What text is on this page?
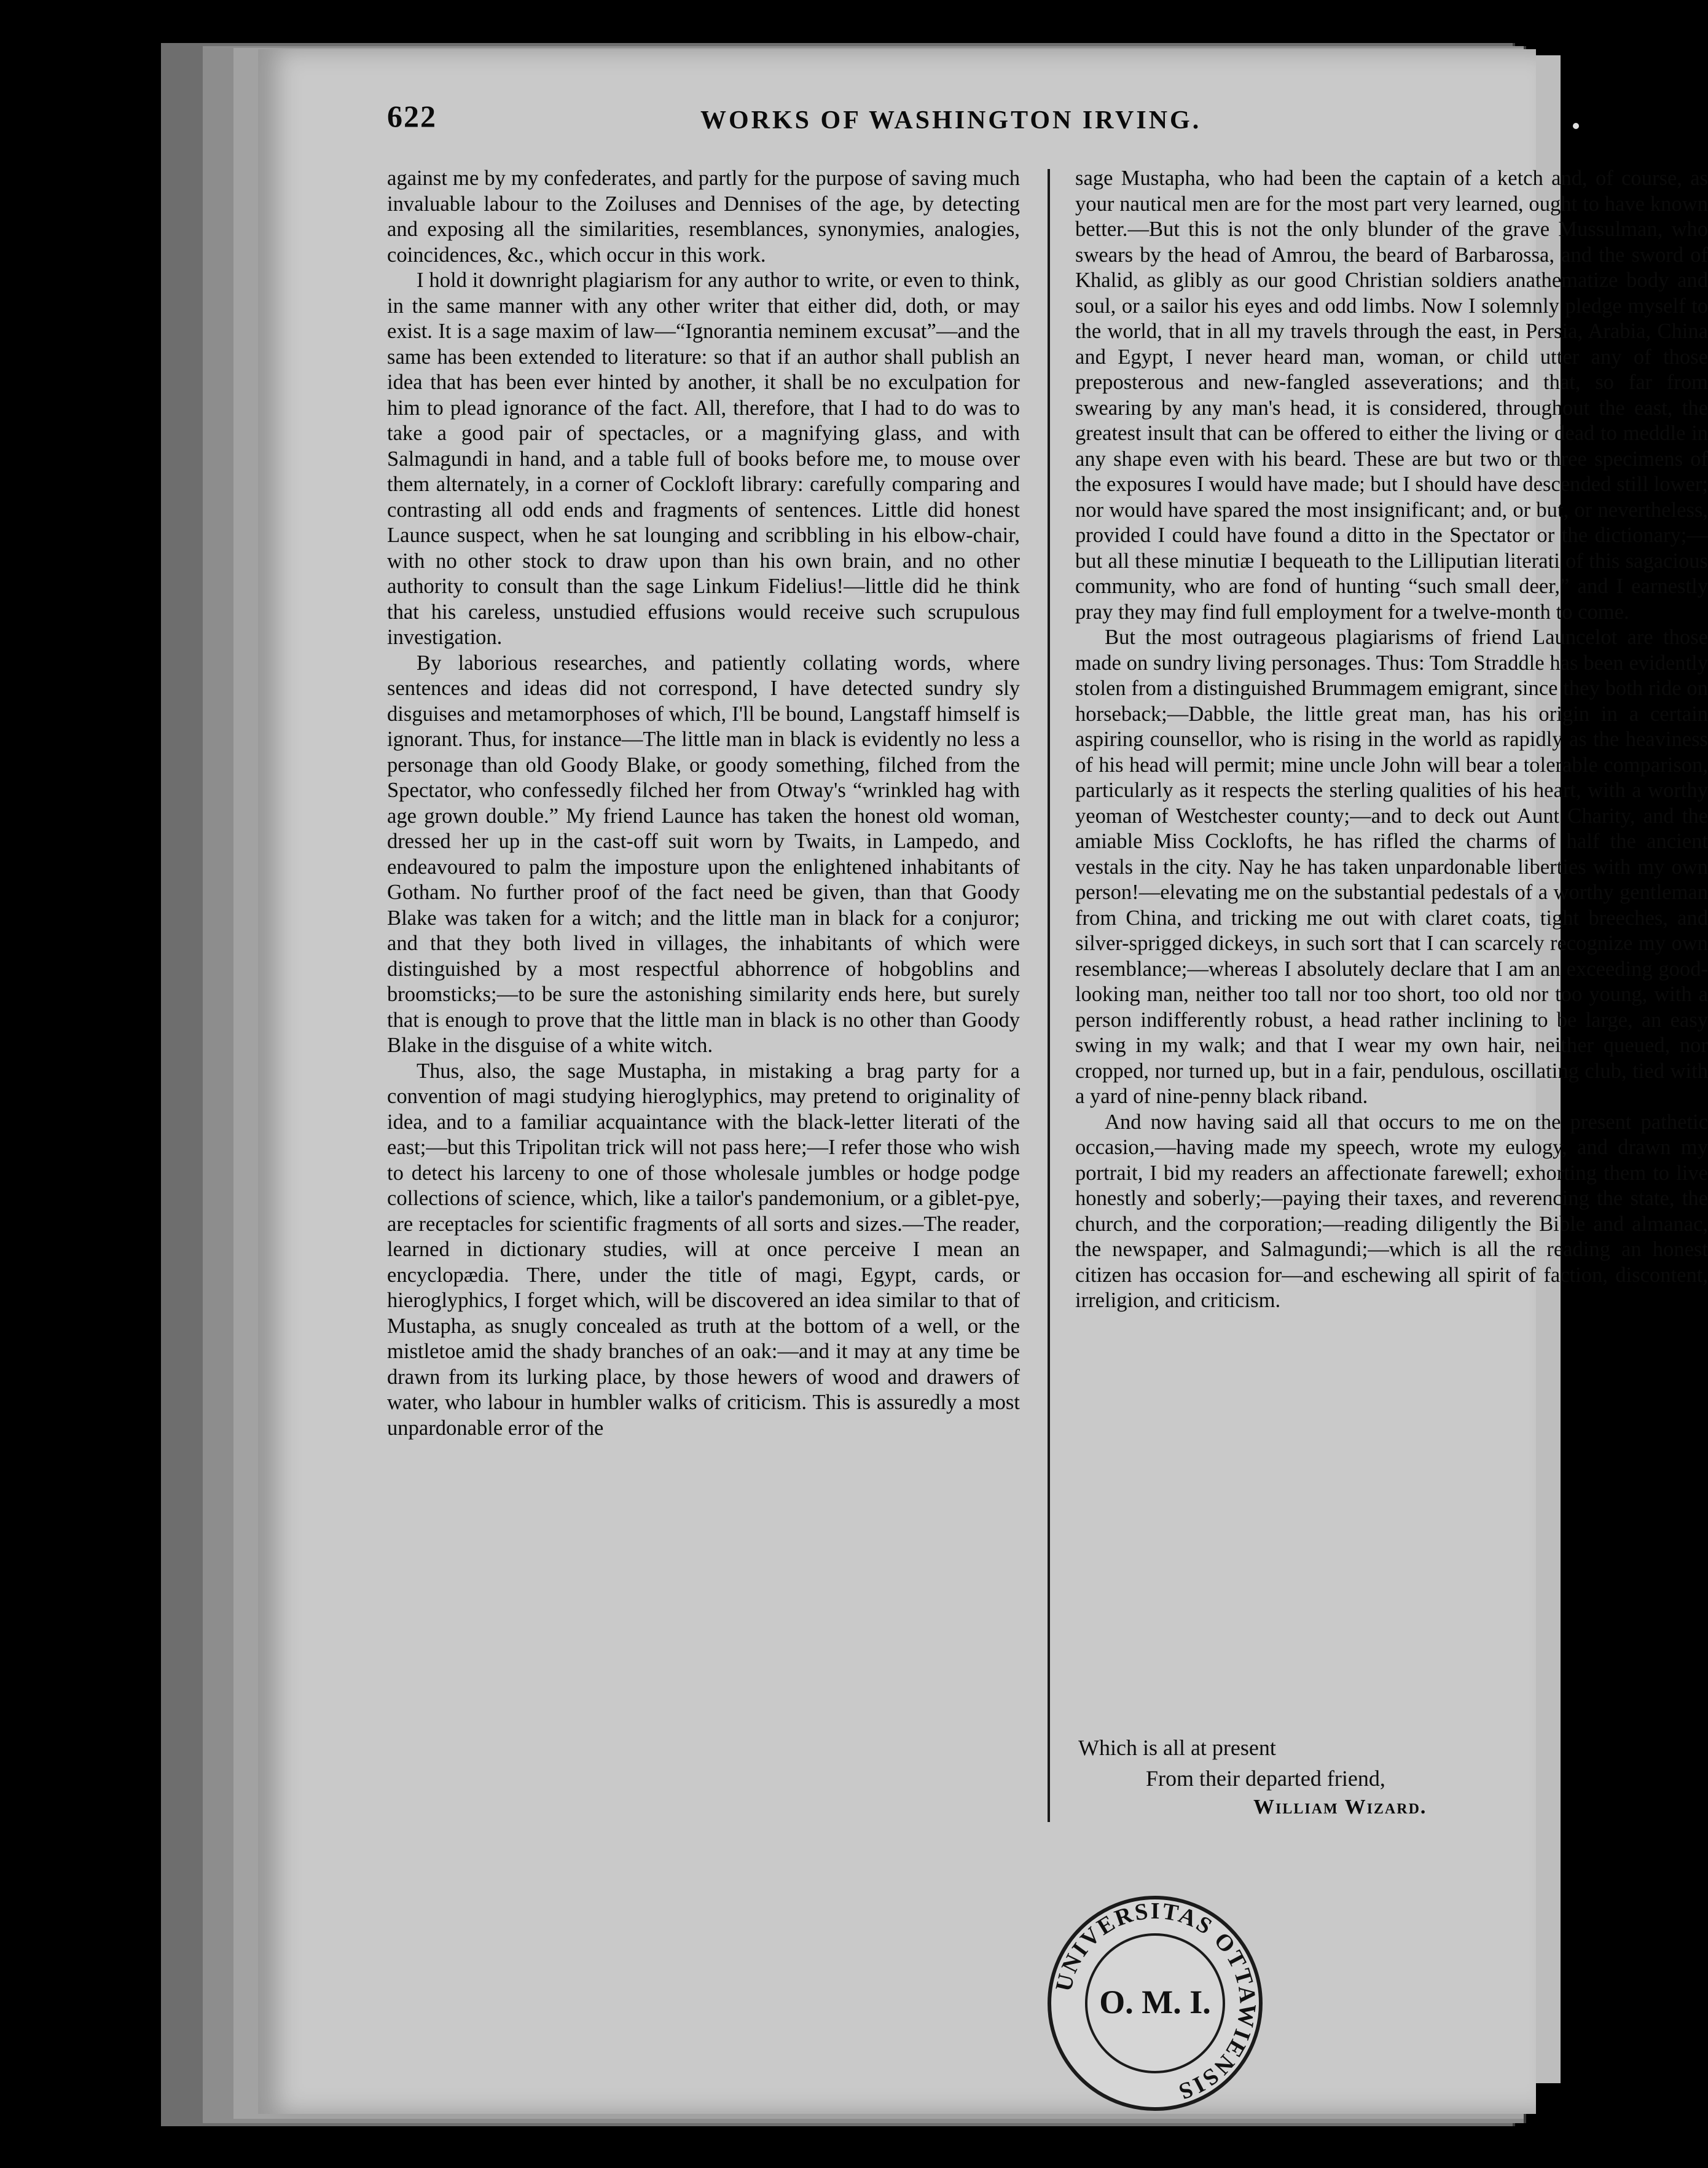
622	WORKS OF WASHINGTON IRVING.

against me by my confederates, and partly for the purpose of saving much invaluable labour to the Zoiluses and Dennises of the age, by detecting and exposing all the similarities, resemblances, synonymies, analogies, coincidences, &c., which occur in this work.

I hold it downright plagiarism for any author to write, or even to think, in the same manner with any other writer that either did, doth, or may exist. It is a sage maxim of law—“Ignorantia neminem excusat”—and the same has been extended to literature: so that if an author shall publish an idea that has been ever hinted by another, it shall be no exculpation for him to plead ignorance of the fact. All, therefore, that I had to do was to take a good pair of spectacles, or a magnifying glass, and with Salmagundi in hand, and a table full of books before me, to mouse over them alternately, in a corner of Cockloft library: carefully comparing and contrasting all odd ends and fragments of sentences. Little did honest Launce suspect, when he sat lounging and scribbling in his elbow-chair, with no other stock to draw upon than his own brain, and no other authority to consult than the sage Linkum Fidelius!—little did he think that his careless, unstudied effusions would receive such scrupulous investigation.

By laborious researches, and patiently collating words, where sentences and ideas did not correspond, I have detected sundry sly disguises and metamorphoses of which, I'll be bound, Langstaff himself is ignorant. Thus, for instance—The little man in black is evidently no less a personage than old Goody Blake, or goody something, filched from the Spectator, who confessedly filched her from Otway's “wrinkled hag with age grown double.” My friend Launce has taken the honest old woman, dressed her up in the cast-off suit worn by Twaits, in Lampedo, and endeavoured to palm the imposture upon the enlightened inhabitants of Gotham. No further proof of the fact need be given, than that Goody Blake was taken for a witch; and the little man in black for a conjuror; and that they both lived in villages, the inhabitants of which were distinguished by a most respectful abhorrence of hobgoblins and broomsticks;—to be sure the astonishing similarity ends here, but surely that is enough to prove that the little man in black is no other than Goody Blake in the disguise of a white witch.

Thus, also, the sage Mustapha, in mistaking a brag party for a convention of magi studying hieroglyphics, may pretend to originality of idea, and to a familiar acquaintance with the black-letter literati of the east;—but this Tripolitan trick will not pass here;—I refer those who wish to detect his larceny to one of those wholesale jumbles or hodge podge collections of science, which, like a tailor's pandemonium, or a giblet-pye, are receptacles for scientific fragments of all sorts and sizes.—The reader, learned in dictionary studies, will at once perceive I mean an encyclopædia. There, under the title of magi, Egypt, cards, or hieroglyphics, I forget which, will be discovered an idea similar to that of Mustapha, as snugly concealed as truth at the bottom of a well, or the mistletoe amid the shady branches of an oak:—and it may at any time be drawn from its lurking place, by those hewers of wood and drawers of water, who labour in humbler walks of criticism. This is assuredly a most unpardonable error of the

sage Mustapha, who had been the captain of a ketch and, of course, as your nautical men are for the most part very learned, ought to have known better.—But this is not the only blunder of the grave Mussulman, who swears by the head of Amrou, the beard of Barbarossa, and the sword of Khalid, as glibly as our good Christian soldiers anathematize body and soul, or a sailor his eyes and odd limbs. Now I solemnly pledge myself to the world, that in all my travels through the east, in Persia, Arabia, China and Egypt, I never heard man, woman, or child utter any of those preposterous and new-fangled asseverations; and that, so far from swearing by any man's head, it is considered, throughout the east, the greatest insult that can be offered to either the living or dead to meddle in any shape even with his beard. These are but two or three specimens of the exposures I would have made; but I should have descended still lower; nor would have spared the most insignificant; and, or but, or nevertheless, provided I could have found a ditto in the Spectator or the dictionary;—but all these minutiæ I bequeath to the Lilliputian literati of this sagacious community, who are fond of hunting “such small deer,” and I earnestly pray they may find full employment for a twelve-month to come.

But the most outrageous plagiarisms of friend Launcelot are those made on sundry living personages. Thus: Tom Straddle has been evidently stolen from a distinguished Brummagem emigrant, since they both ride on horseback;—Dabble, the little great man, has his origin in a certain aspiring counsellor, who is rising in the world as rapidly as the heaviness of his head will permit; mine uncle John will bear a tolerable comparison, particularly as it respects the sterling qualities of his heart, with a worthy yeoman of Westchester county;—and to deck out Aunt Charity, and the amiable Miss Cocklofts, he has rifled the charms of half the ancient vestals in the city. Nay he has taken unpardonable liberties with my own person!—elevating me on the substantial pedestals of a worthy gentleman from China, and tricking me out with claret coats, tight breeches, and silver-sprigged dickeys, in such sort that I can scarcely recognize my own resemblance;—whereas I absolutely declare that I am an exceeding good-looking man, neither too tall nor too short, too old nor too young, with a person indifferently robust, a head rather inclining to be large, an easy swing in my walk; and that I wear my own hair, neither queued, nor cropped, nor turned up, but in a fair, pendulous, oscillating club, tied with a yard of nine-penny black riband.

And now having said all that occurs to me on the present pathetic occasion,—having made my speech, wrote my eulogy, and drawn my portrait, I bid my readers an affectionate farewell; exhorting them to live honestly and soberly;—paying their taxes, and reverencing the state, the church, and the corporation;—reading diligently the Bible and almanac, the newspaper, and Salmagundi;—which is all the reading an honest citizen has occasion for—and eschewing all spirit of faction, discontent, irreligion, and criticism.

Which is all at present
From their departed friend,
William Wizard.
UNIVERSITAS OTTAWIENSIS
O. M. I.
